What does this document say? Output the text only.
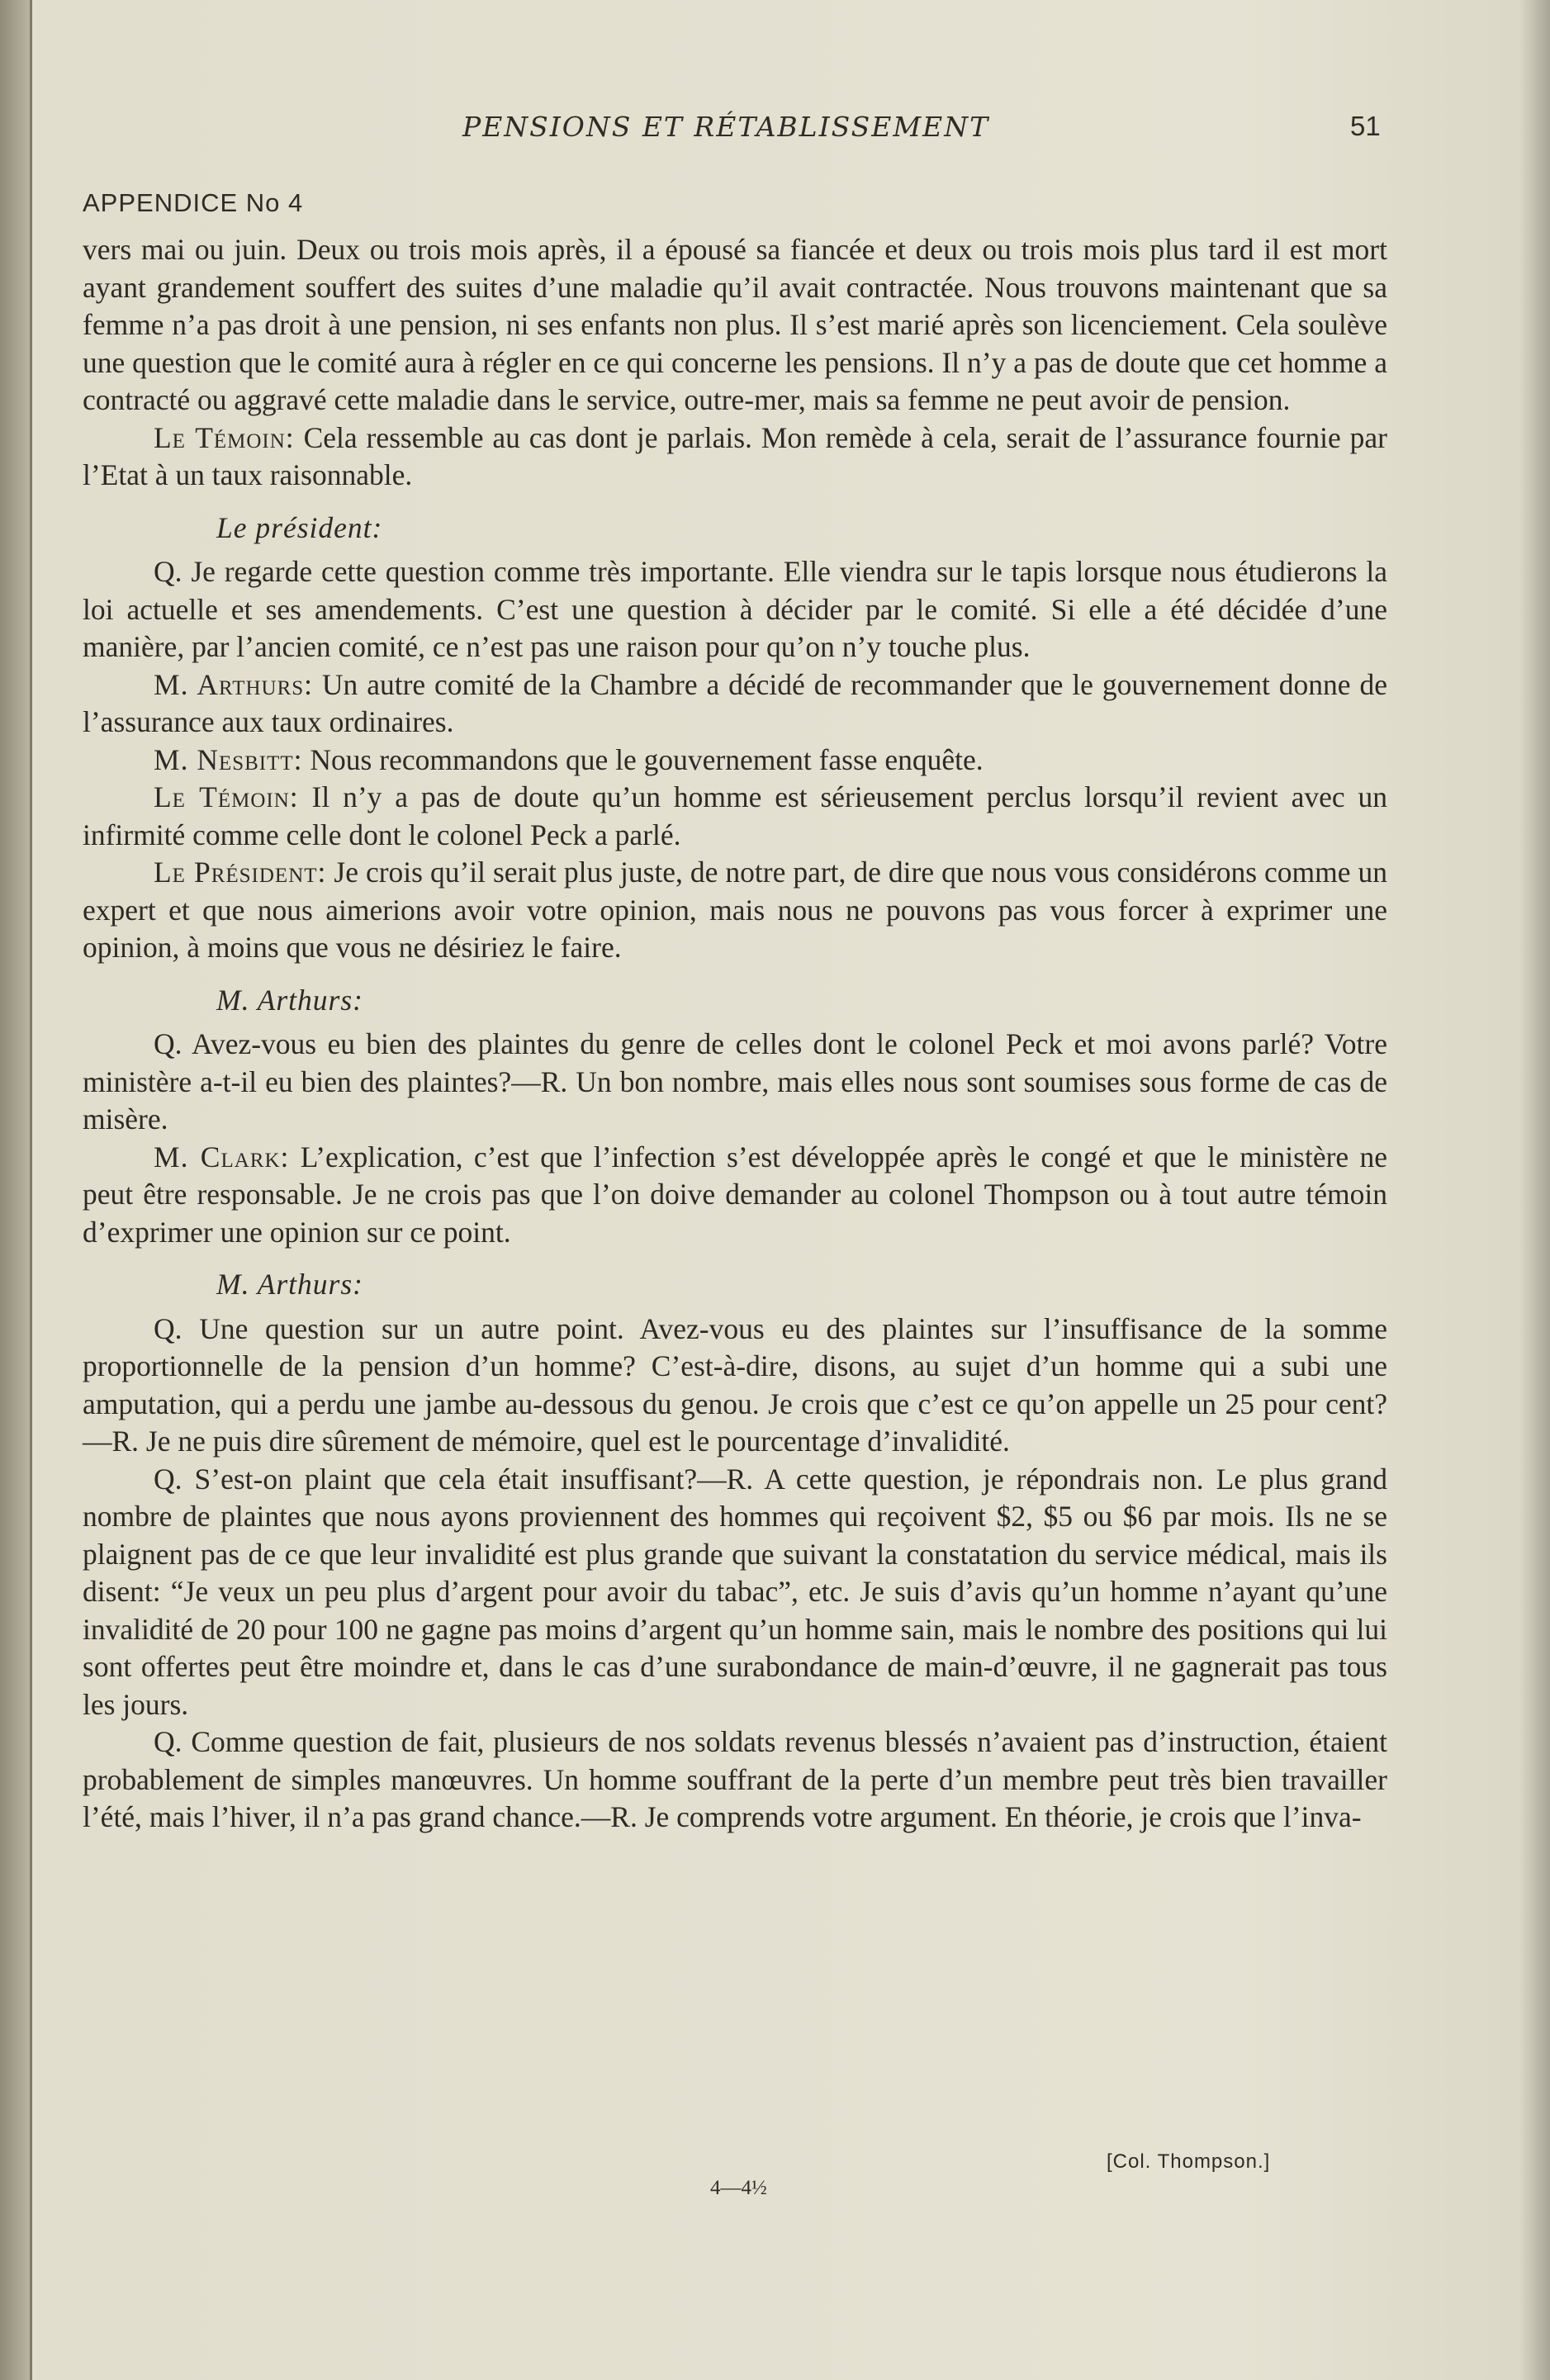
PENSIONS ET RÉTABLISSEMENT	51
APPENDICE No 4

vers mai ou juin. Deux ou trois mois après, il a épousé sa fiancée et deux ou trois mois plus tard il est mort ayant grandement souffert des suites d’une maladie qu’il avait contractée. Nous trouvons maintenant que sa femme n’a pas droit à une pension, ni ses enfants non plus. Il s’est marié après son licenciement. Cela soulève une question que le comité aura à régler en ce qui concerne les pensions. Il n’y a pas de doute que cet homme a contracté ou aggravé cette maladie dans le service, outre-mer, mais sa femme ne peut avoir de pension.

Le Témoin: Cela ressemble au cas dont je parlais. Mon remède à cela, serait de l’assurance fournie par l’Etat à un taux raisonnable.

Le président:

Q. Je regarde cette question comme très importante. Elle viendra sur le tapis lorsque nous étudierons la loi actuelle et ses amendements. C’est une question à décider par le comité. Si elle a été décidée d’une manière, par l’ancien comité, ce n’est pas une raison pour qu’on n’y touche plus.

M. Arthurs: Un autre comité de la Chambre a décidé de recommander que le gouvernement donne de l’assurance aux taux ordinaires.

M. Nesbitt: Nous recommandons que le gouvernement fasse enquête.

Le Témoin: Il n’y a pas de doute qu’un homme est sérieusement perclus lorsqu’il revient avec un infirmité comme celle dont le colonel Peck a parlé.

Le Président: Je crois qu’il serait plus juste, de notre part, de dire que nous vous considérons comme un expert et que nous aimerions avoir votre opinion, mais nous ne pouvons pas vous forcer à exprimer une opinion, à moins que vous ne désiriez le faire.

M. Arthurs:

Q. Avez-vous eu bien des plaintes du genre de celles dont le colonel Peck et moi avons parlé? Votre ministère a-t-il eu bien des plaintes?—R. Un bon nombre, mais elles nous sont soumises sous forme de cas de misère.

M. Clark: L’explication, c’est que l’infection s’est développée après le congé et que le ministère ne peut être responsable. Je ne crois pas que l’on doive demander au colonel Thompson ou à tout autre témoin d’exprimer une opinion sur ce point.

M. Arthurs:

Q. Une question sur un autre point. Avez-vous eu des plaintes sur l’insuffisance de la somme proportionnelle de la pension d’un homme? C’est-à-dire, disons, au sujet d’un homme qui a subi une amputation, qui a perdu une jambe au-dessous du genou. Je crois que c’est ce qu’on appelle un 25 pour cent?—R. Je ne puis dire sûrement de mémoire, quel est le pourcentage d’invalidité.

Q. S’est-on plaint que cela était insuffisant?—R. A cette question, je répondrais non. Le plus grand nombre de plaintes que nous ayons proviennent des hommes qui reçoivent $2, $5 ou $6 par mois. Ils ne se plaignent pas de ce que leur invalidité est plus grande que suivant la constatation du service médical, mais ils disent: “Je veux un peu plus d’argent pour avoir du tabac”, etc. Je suis d’avis qu’un homme n’ayant qu’une invalidité de 20 pour 100 ne gagne pas moins d’argent qu’un homme sain, mais le nombre des positions qui lui sont offertes peut être moindre et, dans le cas d’une surabondance de main-d’œuvre, il ne gagnerait pas tous les jours.

Q. Comme question de fait, plusieurs de nos soldats revenus blessés n’avaient pas d’instruction, étaient probablement de simples manœuvres. Un homme souffrant de la perte d’un membre peut très bien travailler l’été, mais l’hiver, il n’a pas grand chance.—R. Je comprends votre argument. En théorie, je crois que l’inva-

[Col. Thompson.]
4—4½
